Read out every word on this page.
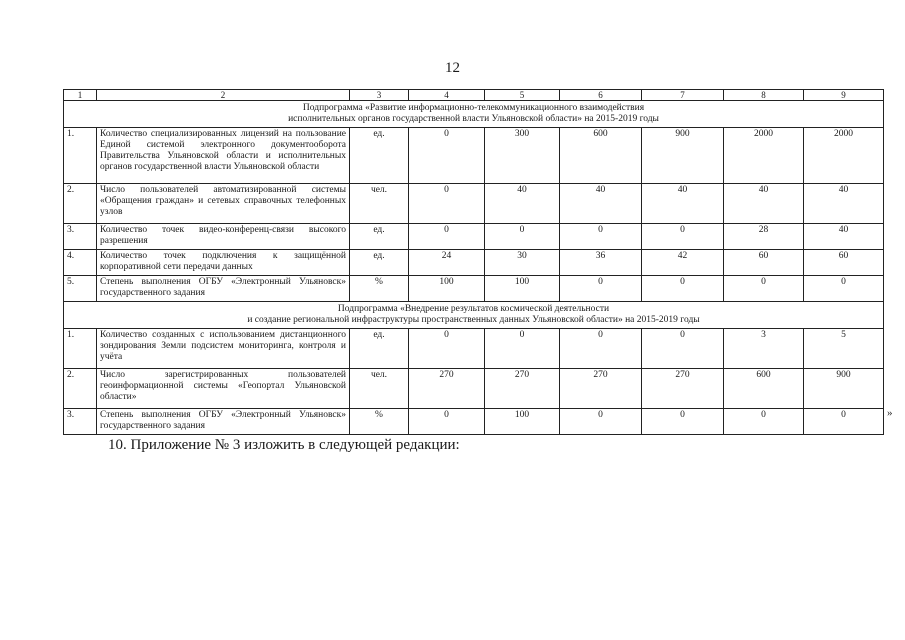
12
1	2	3	4	5	6	7	8	9

Подпрограмма «Развитие информационно-телекоммуникационного взаимодействия
исполнительных органов государственной власти Ульяновской области» на 2015-2019 годы								

1.	Количество специализированных лицензий на пользование Единой системой электронного документооборота Правительства Ульяновской области и исполнительных органов государственной власти Ульяновской области	ед.	0	300	600	900	2000	2000
2.	Число пользователей автоматизированной системы «Обращения граждан» и сетевых справочных телефонных узлов	чел.	0	40	40	40	40	40
3.	Количество точек видео-конференц-связи высокого разрешения	ед.	0	0	0	0	28	40
4.	Количество точек подключения к защищённой корпоративной сети передачи данных	ед.	24	30	36	42	60	60
5.	Степень выполнения ОГБУ «Электронный Ульяновск» государственного задания	%	100	100	0	0	0	0

Подпрограмма «Внедрение результатов космической деятельности
и создание региональной инфраструктуры пространственных данных Ульяновской области» на 2015-2019 годы								

1.	Количество созданных с использованием дистанционного зондирования Земли подсистем мониторинга, контроля и учёта	ед.	0	0	0	0	3	5
2.	Число зарегистрированных пользователей геоинформационной системы «Геопортал Ульяновской области»	чел.	270	270	270	270	600	900
3.	Степень выполнения ОГБУ «Электронный Ульяновск» государственного задания	%	0	100	0	0	0	0	»
10. Приложение № 3 изложить в следующей редакции:
